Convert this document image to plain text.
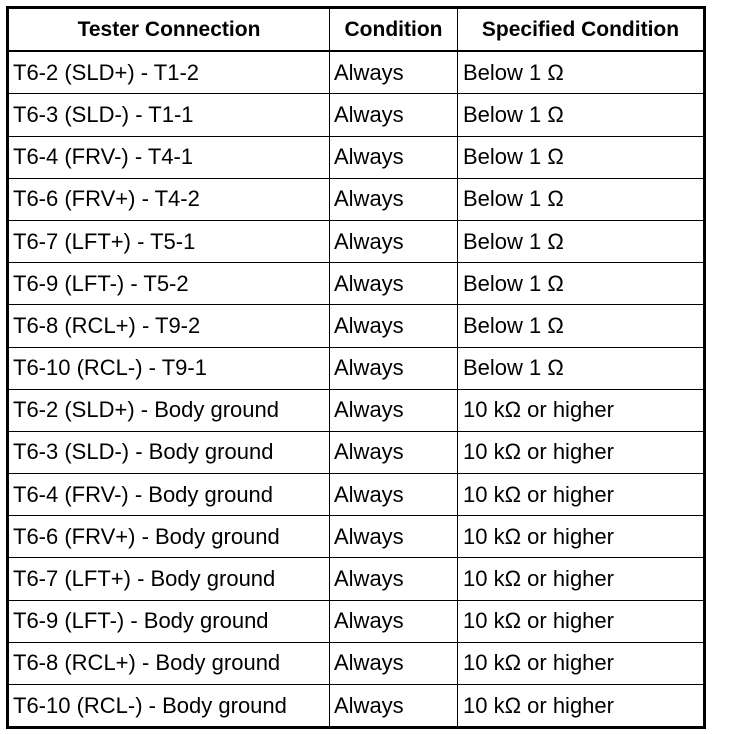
Tester Connection	Condition	Specified Condition
T6-2 (SLD+) - T1-2	Always	Below 1 Ω
T6-3 (SLD-) - T1-1	Always	Below 1 Ω
T6-4 (FRV-) - T4-1	Always	Below 1 Ω
T6-6 (FRV+) - T4-2	Always	Below 1 Ω
T6-7 (LFT+) - T5-1	Always	Below 1 Ω
T6-9 (LFT-) - T5-2	Always	Below 1 Ω
T6-8 (RCL+) - T9-2	Always	Below 1 Ω
T6-10 (RCL-) - T9-1	Always	Below 1 Ω
T6-2 (SLD+) - Body ground	Always	10 kΩ or higher
T6-3 (SLD-) - Body ground	Always	10 kΩ or higher
T6-4 (FRV-) - Body ground	Always	10 kΩ or higher
T6-6 (FRV+) - Body ground	Always	10 kΩ or higher
T6-7 (LFT+) - Body ground	Always	10 kΩ or higher
T6-9 (LFT-) - Body ground	Always	10 kΩ or higher
T6-8 (RCL+) - Body ground	Always	10 kΩ or higher
T6-10 (RCL-) - Body ground	Always	10 kΩ or higher
